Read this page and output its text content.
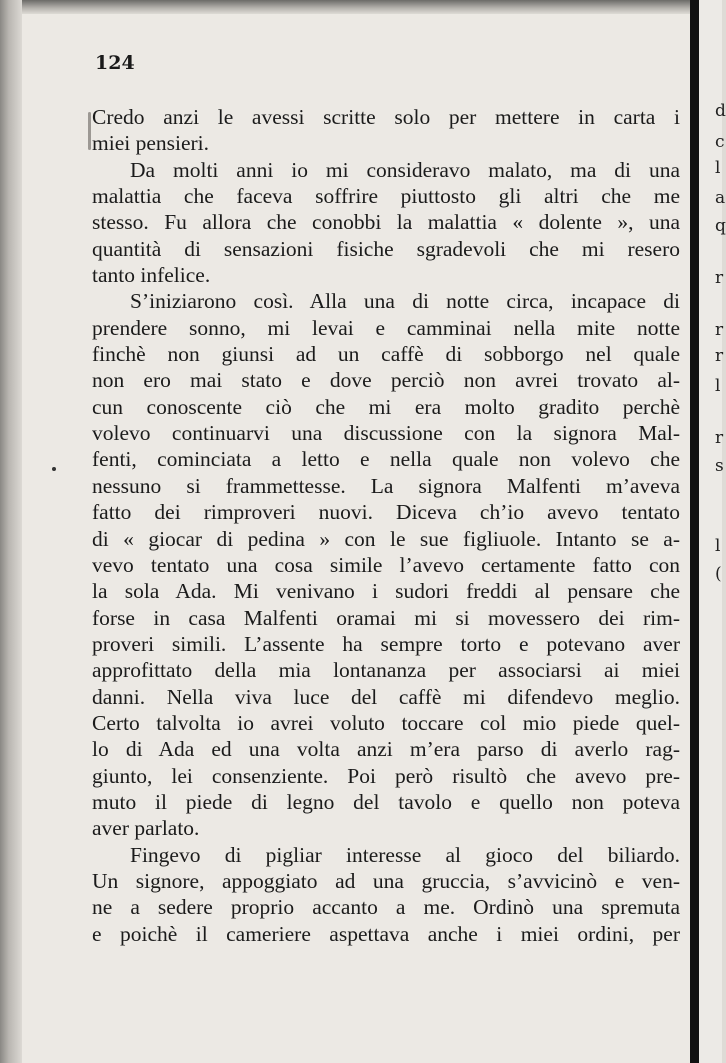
d
c
l
a
q
r
r
r
l
r
s
l
(
124
Credo anzi le avessi scritte solo per mettere in carta i
miei pensieri.
Da molti anni io mi consideravo malato, ma di una
malattia che faceva soffrire piuttosto gli altri che me
stesso. Fu allora che conobbi la malattia « dolente », una
quantità di sensazioni fisiche sgradevoli che mi resero
tanto infelice.
S’iniziarono così. Alla una di notte circa, incapace di
prendere sonno, mi levai e camminai nella mite notte
finchè non giunsi ad un caffè di sobborgo nel quale
non ero mai stato e dove perciò non avrei trovato al-
cun conoscente ciò che mi era molto gradito perchè
volevo continuarvi una discussione con la signora Mal-
fenti, cominciata a letto e nella quale non volevo che
nessuno si frammettesse. La signora Malfenti m’aveva
fatto dei rimproveri nuovi. Diceva ch’io avevo tentato
di « giocar di pedina » con le sue figliuole. Intanto se a-
vevo tentato una cosa simile l’avevo certamente fatto con
la sola Ada. Mi venivano i sudori freddi al pensare che
forse in casa Malfenti oramai mi si movessero dei rim-
proveri simili. L’assente ha sempre torto e potevano aver
approfittato della mia lontananza per associarsi ai miei
danni. Nella viva luce del caffè mi difendevo meglio.
Certo talvolta io avrei voluto toccare col mio piede quel-
lo di Ada ed una volta anzi m’era parso di averlo rag-
giunto, lei consenziente. Poi però risultò che avevo pre-
muto il piede di legno del tavolo e quello non poteva
aver parlato.
Fingevo di pigliar interesse al gioco del biliardo.
Un signore, appoggiato ad una gruccia, s’avvicinò e ven-
ne a sedere proprio accanto a me. Ordinò una spremuta
e poichè il cameriere aspettava anche i miei ordini, per
